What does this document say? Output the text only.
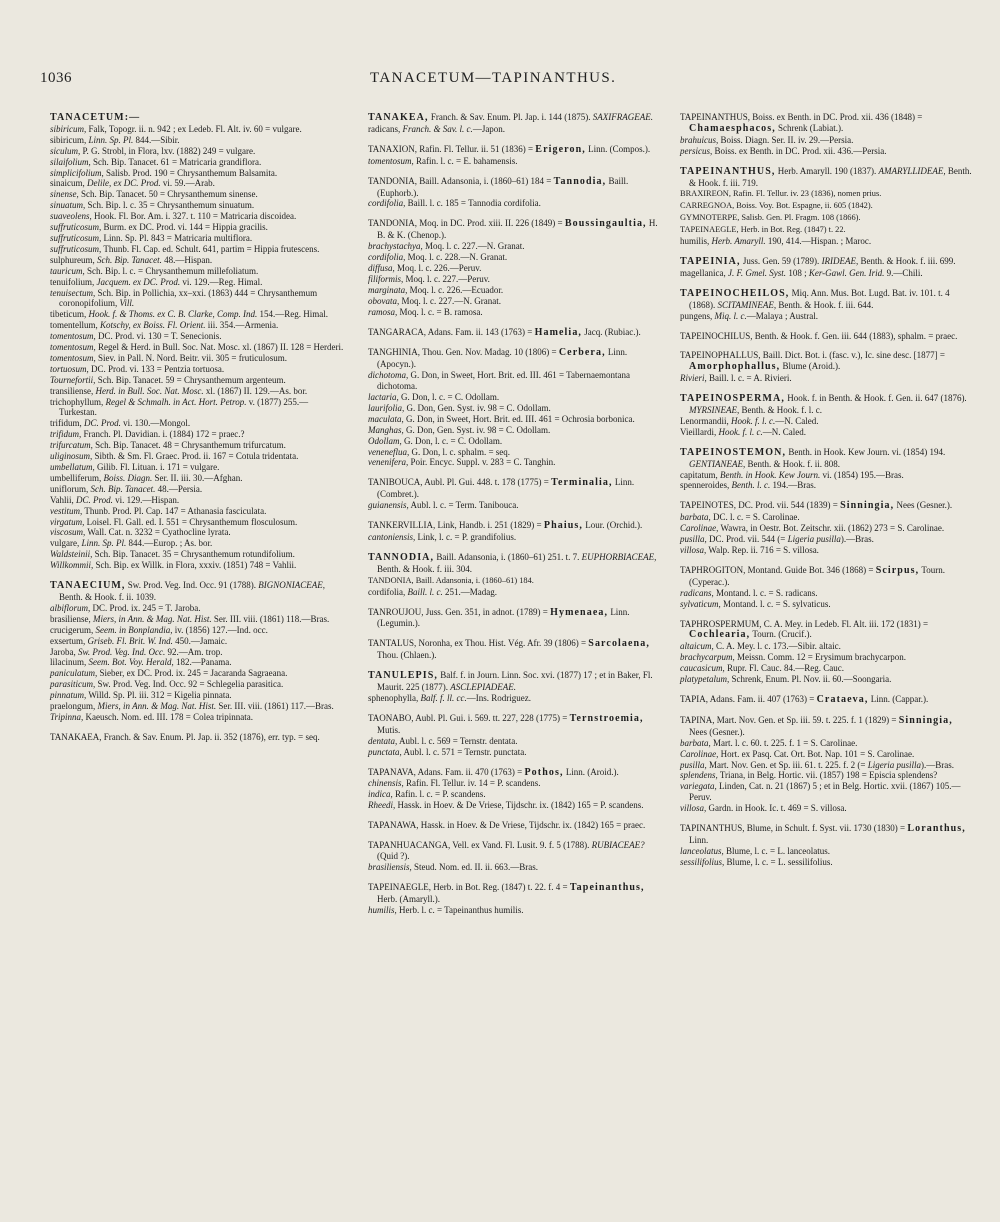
1036	TANACETUM—TAPINANTHUS.
TANACETUM:—
sibiricum, Falk, Topogr. ii. n. 942 ; ex Ledeb. Fl. Alt. iv. 60 = vulgare.
sibiricum, Linn. Sp. Pl. 844.—Sibir.
siculum, P. G. Strobl, in Flora, lxv. (1882) 249 = vulgare.
silaifolium, Sch. Bip. Tanacet. 61 = Matricaria grandiflora.
simplicifolium, Salisb. Prod. 190 = Chrysanthemum Balsamita.
sinaicum, Delile, ex DC. Prod. vi. 59.—Arab.
sinense, Sch. Bip. Tanacet. 50 = Chrysanthemum sinense.
sinuatum, Sch. Bip. l. c. 35 = Chrysanthemum sinuatum.
suaveolens, Hook. Fl. Bor. Am. i. 327. t. 110 = Matricaria discoidea.
suffruticosum, Burm. ex DC. Prod. vi. 144 = Hippia gracilis.
suffruticosum, Linn. Sp. Pl. 843 = Matricaria multiflora.
suffruticosum, Thunb. Fl. Cap. ed. Schult. 641, partim = Hippia frutescens.
sulphureum, Sch. Bip. Tanacet. 48.—Hispan.
tauricum, Sch. Bip. l. c. = Chrysanthemum millefoliatum.
tenuifolium, Jacquem. ex DC. Prod. vi. 129.—Reg. Himal.
tenuisectum, Sch. Bip. in Pollichia, xx–xxi. (1863) 444 = Chrysanthemum coronopifolium, Vill.
tibeticum, Hook. f. & Thoms. ex C. B. Clarke, Comp. Ind. 154.—Reg. Himal.
tomentellum, Kotschy, ex Boiss. Fl. Orient. iii. 354.—Armenia.
tomentosum, DC. Prod. vi. 130 = T. Senecionis.
tomentosum, Regel & Herd. in Bull. Soc. Nat. Mosc. xl. (1867) II. 128 = Herderi.
tomentosum, Siev. in Pall. N. Nord. Beitr. vii. 305 = fruticulosum.
tortuosum, DC. Prod. vi. 133 = Pentzia tortuosa.
Tournefortii, Sch. Bip. Tanacet. 59 = Chrysanthemum argenteum.
transiliense, Herd. in Bull. Soc. Nat. Mosc. xl. (1867) II. 129.—As. bor.
trichophyllum, Regel & Schmalh. in Act. Hort. Petrop. v. (1877) 255.—Turkestan.
trifidum, DC. Prod. vi. 130.—Mongol.
trifidum, Franch. Pl. Davidian. i. (1884) 172 = praec.?
trifurcatum, Sch. Bip. Tanacet. 48 = Chrysanthemum trifurcatum.
uliginosum, Sibth. & Sm. Fl. Graec. Prod. ii. 167 = Cotula tridentata.
umbellatum, Gilib. Fl. Lituan. i. 171 = vulgare.
umbelliferum, Boiss. Diagn. Ser. II. iii. 30.—Afghan.
uniflorum, Sch. Bip. Tanacet. 48.—Persia.
Vahlii, DC. Prod. vi. 129.—Hispan.
vestitum, Thunb. Prod. Pl. Cap. 147 = Athanasia fasciculata.
virgatum, Loisel. Fl. Gall. ed. I. 551 = Chrysanthemum flosculosum.
viscosum, Wall. Cat. n. 3232 = Cyathocline lyrata.
vulgare, Linn. Sp. Pl. 844.—Europ. ; As. bor.
Waldsteinii, Sch. Bip. Tanacet. 35 = Chrysanthemum rotundifolium.
Willkommii, Sch. Bip. ex Willk. in Flora, xxxiv. (1851) 748 = Vahlii.
TANAECIUM, Sw. Prod. Veg. Ind. Occ. 91 (1788). BIGNONIACEAE, Benth. & Hook. f. ii. 1039.
albiflorum, DC. Prod. ix. 245 = T. Jaroba.
brasiliense, Miers, in Ann. & Mag. Nat. Hist. Ser. III. viii. (1861) 118.—Bras.
crucigerum, Seem. in Bonplandia, iv. (1856) 127.—Ind. occ.
exsertum, Griseb. Fl. Brit. W. Ind. 450.—Jamaic.
Jaroba, Sw. Prod. Veg. Ind. Occ. 92.—Am. trop.
lilacinum, Seem. Bot. Voy. Herald, 182.—Panama.
paniculatum, Sieber, ex DC. Prod. ix. 245 = Jacaranda Sagraeana.
parasiticum, Sw. Prod. Veg. Ind. Occ. 92 = Schlegelia parasitica.
pinnatum, Willd. Sp. Pl. iii. 312 = Kigelia pinnata.
praelongum, Miers, in Ann. & Mag. Nat. Hist. Ser. III. viii. (1861) 117.—Bras.
Tripinna, Kaeusch. Nom. ed. III. 178 = Colea tripinnata.
TANAKAEA, Franch. & Sav. Enum. Pl. Jap. ii. 352 (1876), err. typ. = seq.
TANAKEA, Franch. & Sav. Enum. Pl. Jap. i. 144 (1875). SAXIFRAGEAE.
radicans, Franch. & Sav. l. c.—Japon.
TANAXION, Rafin. Fl. Tellur. ii. 51 (1836) = Erigeron, Linn. (Compos.).
tomentosum, Rafin. l. c. = E. bahamensis.
TANDONIA, Baill. Adansonia, i. (1860–61) 184 = Tannodia, Baill. (Euphorb.).
cordifolia, Baill. l. c. 185 = Tannodia cordifolia.
TANDONIA, Moq. in DC. Prod. xiii. II. 226 (1849) = Boussingaultia, H. B. & K. (Chenop.).
brachystachya, Moq. l. c. 227.—N. Granat.
cordifolia, Moq. l. c. 228.—N. Granat.
diffusa, Moq. l. c. 226.—Peruv.
filiformis, Moq. l. c. 227.—Peruv.
marginata, Moq. l. c. 226.—Ecuador.
obovata, Moq. l. c. 227.—N. Granat.
ramosa, Moq. l. c. = B. ramosa.
TANGARACA, Adans. Fam. ii. 143 (1763) = Hamelia, Jacq. (Rubiac.).
TANGHINIA, Thou. Gen. Nov. Madag. 10 (1806) = Cerbera, Linn. (Apocyn.).
dichotoma, G. Don, in Sweet, Hort. Brit. ed. III. 461 = Tabernaemontana dichotoma.
lactaria, G. Don, l. c. = C. Odollam.
laurifolia, G. Don, Gen. Syst. iv. 98 = C. Odollam.
maculata, G. Don, in Sweet, Hort. Brit. ed. III. 461 = Ochrosia borbonica.
Manghas, G. Don, Gen. Syst. iv. 98 = C. Odollam.
Odollam, G. Don, l. c. = C. Odollam.
veneneflua, G. Don, l. c. sphalm. = seq.
venenifera, Poir. Encyc. Suppl. v. 283 = C. Tanghin.
TANIBOUCA, Aubl. Pl. Gui. 448. t. 178 (1775) = Terminalia, Linn. (Combret.).
guianensis, Aubl. l. c. = Term. Tanibouca.
TANKERVILLIA, Link, Handb. i. 251 (1829) = Phaius, Lour. (Orchid.).
cantoniensis, Link, l. c. = P. grandifolius.
TANNODIA, Baill. Adansonia, i. (1860–61) 251. t. 7. EUPHORBIACEAE, Benth. & Hook. f. iii. 304.
TANDONIA, Baill. Adansonia, i. (1860–61) 184.
cordifolia, Baill. l. c. 251.—Madag.
TANROUJOU, Juss. Gen. 351, in adnot. (1789) = Hymenaea, Linn. (Legumin.).
TANTALUS, Noronha, ex Thou. Hist. Vég. Afr. 39 (1806) = Sarcolaena, Thou. (Chlaen.).
TANULEPIS, Balf. f. in Journ. Linn. Soc. xvi. (1877) 17 ; et in Baker, Fl. Maurit. 225 (1877). ASCLEPIADEAE.
sphenophylla, Balf. f. ll. cc.—Ins. Rodriguez.
TAONABO, Aubl. Pl. Gui. i. 569. tt. 227, 228 (1775) = Ternstroemia, Mutis.
dentata, Aubl. l. c. 569 = Ternstr. dentata.
punctata, Aubl. l. c. 571 = Ternstr. punctata.
TAPANAVA, Adans. Fam. ii. 470 (1763) = Pothos, Linn. (Aroid.).
chinensis, Rafin. Fl. Tellur. iv. 14 = P. scandens.
indica, Rafin. l. c. = P. scandens.
Rheedi, Hassk. in Hoev. & De Vriese, Tijdschr. ix. (1842) 165 = P. scandens.
TAPANAWA, Hassk. in Hoev. & De Vriese, Tijdschr. ix. (1842) 165 = praec.
TAPANHUACANGA, Vell. ex Vand. Fl. Lusit. 9. f. 5 (1788). RUBIACEAE? (Quid ?).
brasiliensis, Steud. Nom. ed. II. ii. 663.—Bras.
TAPEINAEGLE, Herb. in Bot. Reg. (1847) t. 22. f. 4 = Tapeinanthus, Herb. (Amaryll.).
humilis, Herb. l. c. = Tapeinanthus humilis.
TAPEINANTHUS, Boiss. ex Benth. in DC. Prod. xii. 436 (1848) = Chamaesphacos, Schrenk (Labiat.).
brahuicus, Boiss. Diagn. Ser. II. iv. 29.—Persia.
persicus, Boiss. ex Benth. in DC. Prod. xii. 436.—Persia.
TAPEINANTHUS, Herb. Amaryll. 190 (1837). AMARYLLIDEAE, Benth. & Hook. f. iii. 719.
BRAXIREON, Rafin. Fl. Tellur. iv. 23 (1836), nomen prius.
CARREGNOA, Boiss. Voy. Bot. Espagne, ii. 605 (1842).
GYMNOTERPE, Salisb. Gen. Pl. Fragm. 108 (1866).
TAPEINAEGLE, Herb. in Bot. Reg. (1847) t. 22.
humilis, Herb. Amaryll. 190, 414.—Hispan. ; Maroc.
TAPEINIA, Juss. Gen. 59 (1789). IRIDEAE, Benth. & Hook. f. iii. 699.
magellanica, J. F. Gmel. Syst. 108 ; Ker-Gawl. Gen. Irid. 9.—Chili.
TAPEINOCHEILOS, Miq. Ann. Mus. Bot. Lugd. Bat. iv. 101. t. 4 (1868). SCITAMINEAE, Benth. & Hook. f. iii. 644.
pungens, Miq. l. c.—Malaya ; Austral.
TAPEINOCHILUS, Benth. & Hook. f. Gen. iii. 644 (1883), sphalm. = praec.
TAPEINOPHALLUS, Baill. Dict. Bot. i. (fasc. v.), Ic. sine desc. [1877] = Amorphophallus, Blume (Aroid.).
Rivieri, Baill. l. c. = A. Rivieri.
TAPEINOSPERMA, Hook. f. in Benth. & Hook. f. Gen. ii. 647 (1876). MYRSINEAE, Benth. & Hook. f. l. c.
Lenormandii, Hook. f. l. c.—N. Caled.
Vieillardi, Hook. f. l. c.—N. Caled.
TAPEINOSTEMON, Benth. in Hook. Kew Journ. vi. (1854) 194. GENTIANEAE, Benth. & Hook. f. ii. 808.
capitatum, Benth. in Hook. Kew Journ. vi. (1854) 195.—Bras.
spenneroides, Benth. l. c. 194.—Bras.
TAPEINOTES, DC. Prod. vii. 544 (1839) = Sinningia, Nees (Gesner.).
barbata, DC. l. c. = S. Carolinae.
Carolinae, Wawra, in Oestr. Bot. Zeitschr. xii. (1862) 273 = S. Carolinae.
pusilla, DC. Prod. vii. 544 (= Ligeria pusilla).—Bras.
villosa, Walp. Rep. ii. 716 = S. villosa.
TAPHROGITON, Montand. Guide Bot. 346 (1868) = Scirpus, Tourn. (Cyperac.).
radicans, Montand. l. c. = S. radicans.
sylvaticum, Montand. l. c. = S. sylvaticus.
TAPHROSPERMUM, C. A. Mey. in Ledeb. Fl. Alt. iii. 172 (1831) = Cochlearia, Tourn. (Crucif.).
altaicum, C. A. Mey. l. c. 173.—Sibir. altaic.
brachycarpum, Meissn. Comm. 12 = Erysimum brachycarpon.
caucasicum, Rupr. Fl. Cauc. 84.—Reg. Cauc.
platypetalum, Schrenk, Enum. Pl. Nov. ii. 60.—Soongaria.
TAPIA, Adans. Fam. ii. 407 (1763) = Crataeva, Linn. (Cappar.).
TAPINA, Mart. Nov. Gen. et Sp. iii. 59. t. 225. f. 1 (1829) = Sinningia, Nees (Gesner.).
barbata, Mart. l. c. 60. t. 225. f. 1 = S. Carolinae.
Carolinae, Hort. ex Pasq. Cat. Ort. Bot. Nap. 101 = S. Carolinae.
pusilla, Mart. Nov. Gen. et Sp. iii. 61. t. 225. f. 2 (= Ligeria pusilla).—Bras.
splendens, Triana, in Belg. Hortic. vii. (1857) 198 = Episcia splendens?
variegata, Linden, Cat. n. 21 (1867) 5 ; et in Belg. Hortic. xvii. (1867) 105.—Peruv.
villosa, Gardn. in Hook. Ic. t. 469 = S. villosa.
TAPINANTHUS, Blume, in Schult. f. Syst. vii. 1730 (1830) = Loranthus, Linn.
lanceolatus, Blume, l. c. = L. lanceolatus.
sessilifolius, Blume, l. c. = L. sessilifolius.
